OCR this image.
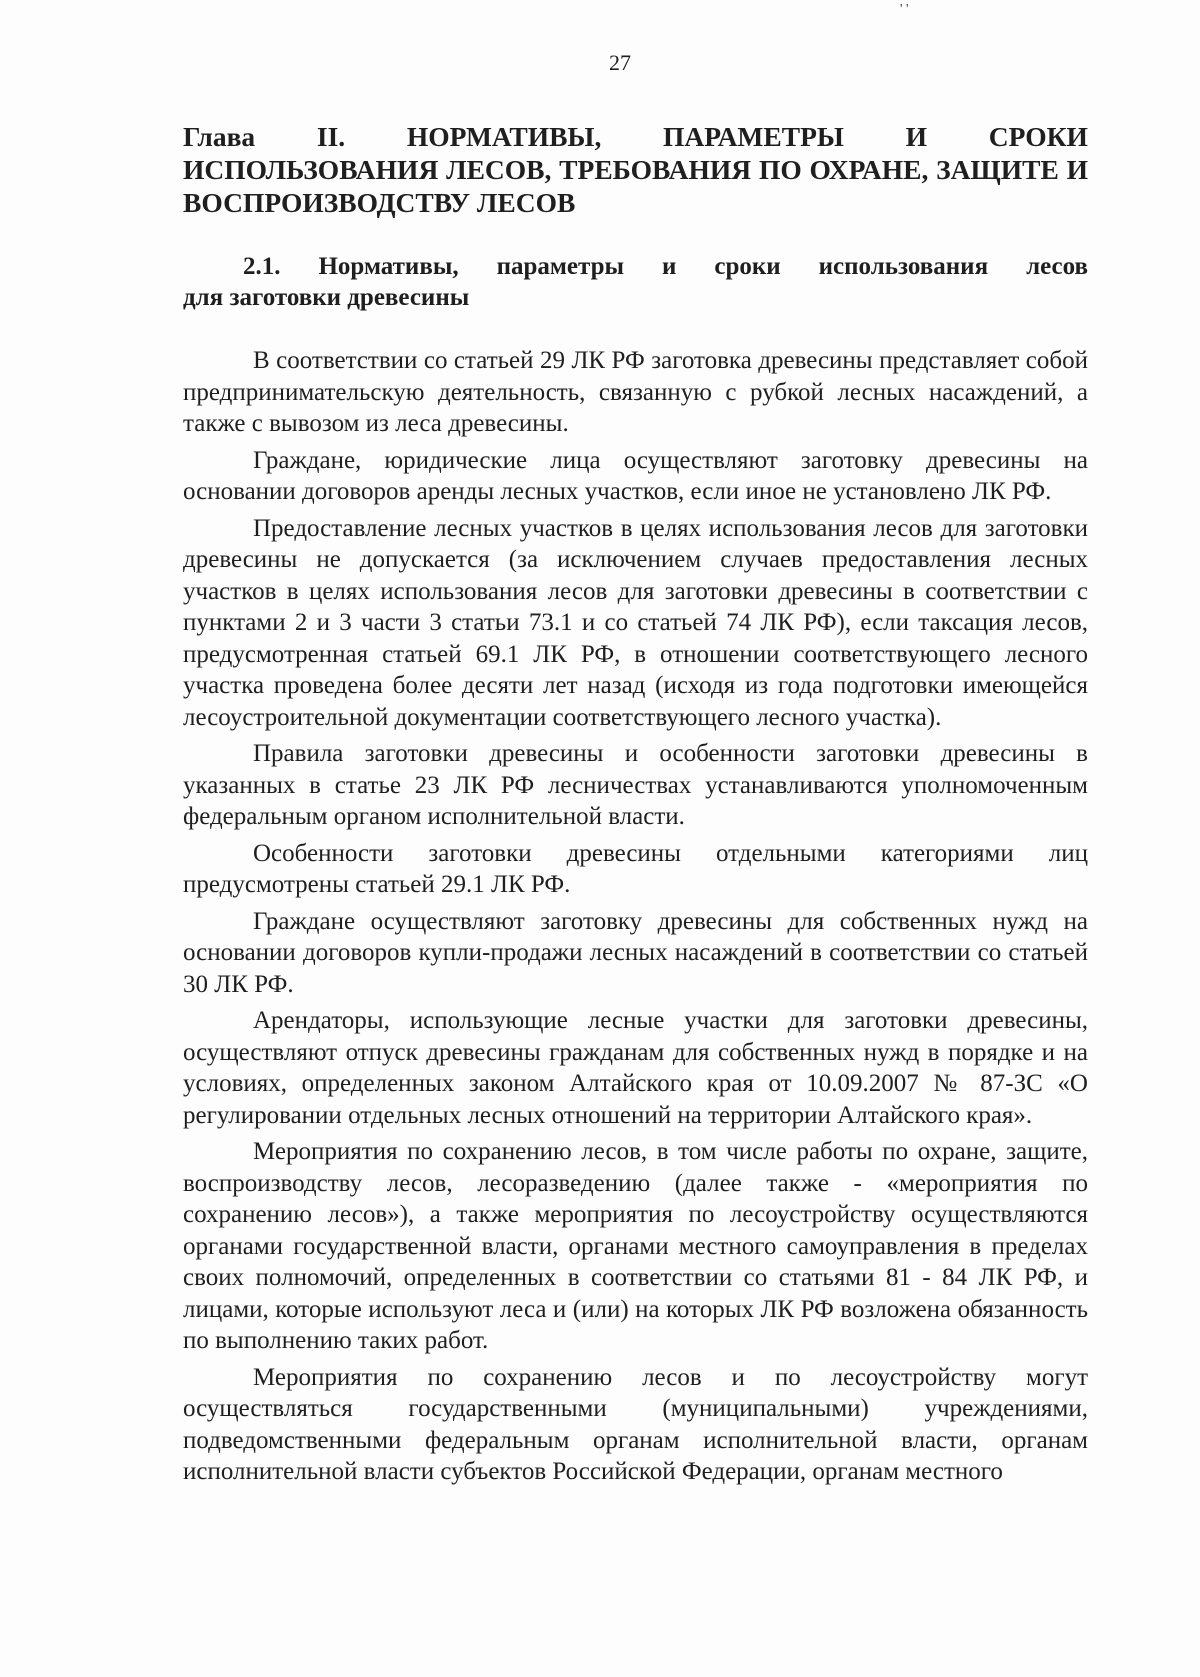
' '
27
Глава II. НОРМАТИВЫ, ПАРАМЕТРЫ И СРОКИ
ИСПОЛЬЗОВАНИЯ ЛЕСОВ, ТРЕБОВАНИЯ ПО ОХРАНЕ, ЗАЩИТЕ И ВОСПРОИЗВОДСТВУ ЛЕСОВ
2.1. Нормативы, параметры и сроки использования лесов
для заготовки древесины

В соответствии со статьей 29 ЛК РФ заготовка древесины представляет собой предпринимательскую деятельность, связанную с рубкой лесных насаждений, а также с вывозом из леса древесины.

Граждане, юридические лица осуществляют заготовку древесины на основании договоров аренды лесных участков, если иное не установлено ЛК РФ.

Предоставление лесных участков в целях использования лесов для заготовки древесины не допускается (за исключением случаев предоставления лесных участков в целях использования лесов для заготовки древесины в соответствии с пунктами 2 и 3 части 3 статьи 73.1 и со статьей 74 ЛК РФ), если таксация лесов, предусмотренная статьей 69.1 ЛК РФ, в отношении соответствующего лесного участка проведена более десяти лет назад (исходя из года подготовки имеющейся лесоустроительной документации соответствующего лесного участка).

Правила заготовки древесины и особенности заготовки древесины в указанных в статье 23 ЛК РФ лесничествах устанавливаются уполномоченным федеральным органом исполнительной власти.

Особенности заготовки древесины отдельными категориями лиц предусмотрены статьей 29.1 ЛК РФ.

Граждане осуществляют заготовку древесины для собственных нужд на основании договоров купли-продажи лесных насаждений в соответствии со статьей 30 ЛК РФ.

Арендаторы, использующие лесные участки для заготовки древесины, осуществляют отпуск древесины гражданам для собственных нужд в порядке и на условиях, определенных законом Алтайского края от 10.09.2007 № 87-ЗС «О регулировании отдельных лесных отношений на территории Алтайского края».

Мероприятия по сохранению лесов, в том числе работы по охране, защите, воспроизводству лесов, лесоразведению (далее также - «мероприятия по сохранению лесов»), а также мероприятия по лесоустройству осуществляются органами государственной власти, органами местного самоуправления в пределах своих полномочий, определенных в соответствии со статьями 81 - 84 ЛК РФ, и лицами, которые используют леса и (или) на которых ЛК РФ возложена обязанность по выполнению таких работ.

Мероприятия по сохранению лесов и по лесоустройству могут осуществляться государственными (муниципальными) учреждениями, подведомственными федеральным органам исполнительной власти, органам исполнительной власти субъектов Российской Федерации, органам местного
